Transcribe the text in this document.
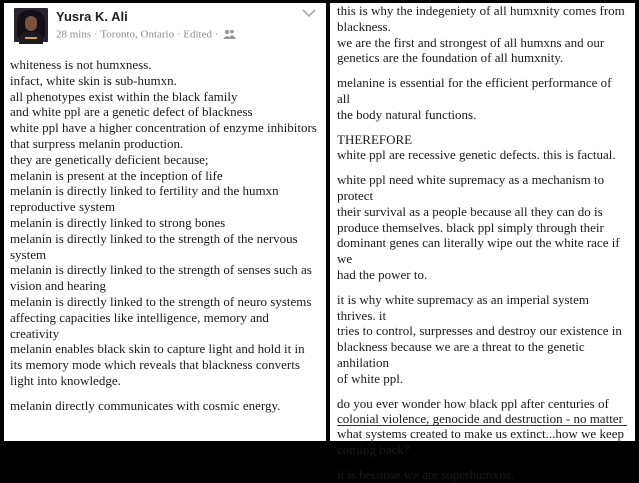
Yusra K. Ali
28 mins · Toronto, Ontario · Edited ·

whiteness is not humxness.

infact, white skin is sub-humxn.

all phenotypes exist within the black family

and white ppl are a genetic defect of blackness

white ppl have a higher concentration of enzyme inhibitors

that surpress melanin production.

they are genetically deficient because;

melanin is present at the inception of life

melanin is directly linked to fertility and the humxn

reproductive system

melanin is directly linked to strong bones

melanin is directly linked to the strength of the nervous

system

melanin is directly linked to the strength of senses such as

vision and hearing

melanin is directly linked to the strength of neuro systems

affecting capacities like intelligence, memory and

creativity

melanin enables black skin to capture light and hold it in

its memory mode which reveals that blackness converts

light into knowledge.

melanin directly communicates with cosmic energy.

this is why the indegeniety of all humxnity comes from

blackness.

we are the first and strongest of all humxns and our

genetics are the foundation of all humxnity.

melanine is essential for the efficient performance of all

the body natural functions.

THEREFORE

white ppl are recessive genetic defects. this is factual.

white ppl need white supremacy as a mechanism to protect

their survival as a people because all they can do is

produce themselves. black ppl simply through their

dominant genes can literally wipe out the white race if we

had the power to.

it is why white supremacy as an imperial system thrives. it

tries to control, surpresses and destroy our existence in

blackness because we are a threat to the genetic anhilation

of white ppl.

do you ever wonder how black ppl after centuries of

colonial violence, genocide and destruction - no matter

what systems created to make us extinct...how we keep

coming back?

it is because we are superhumxns.
